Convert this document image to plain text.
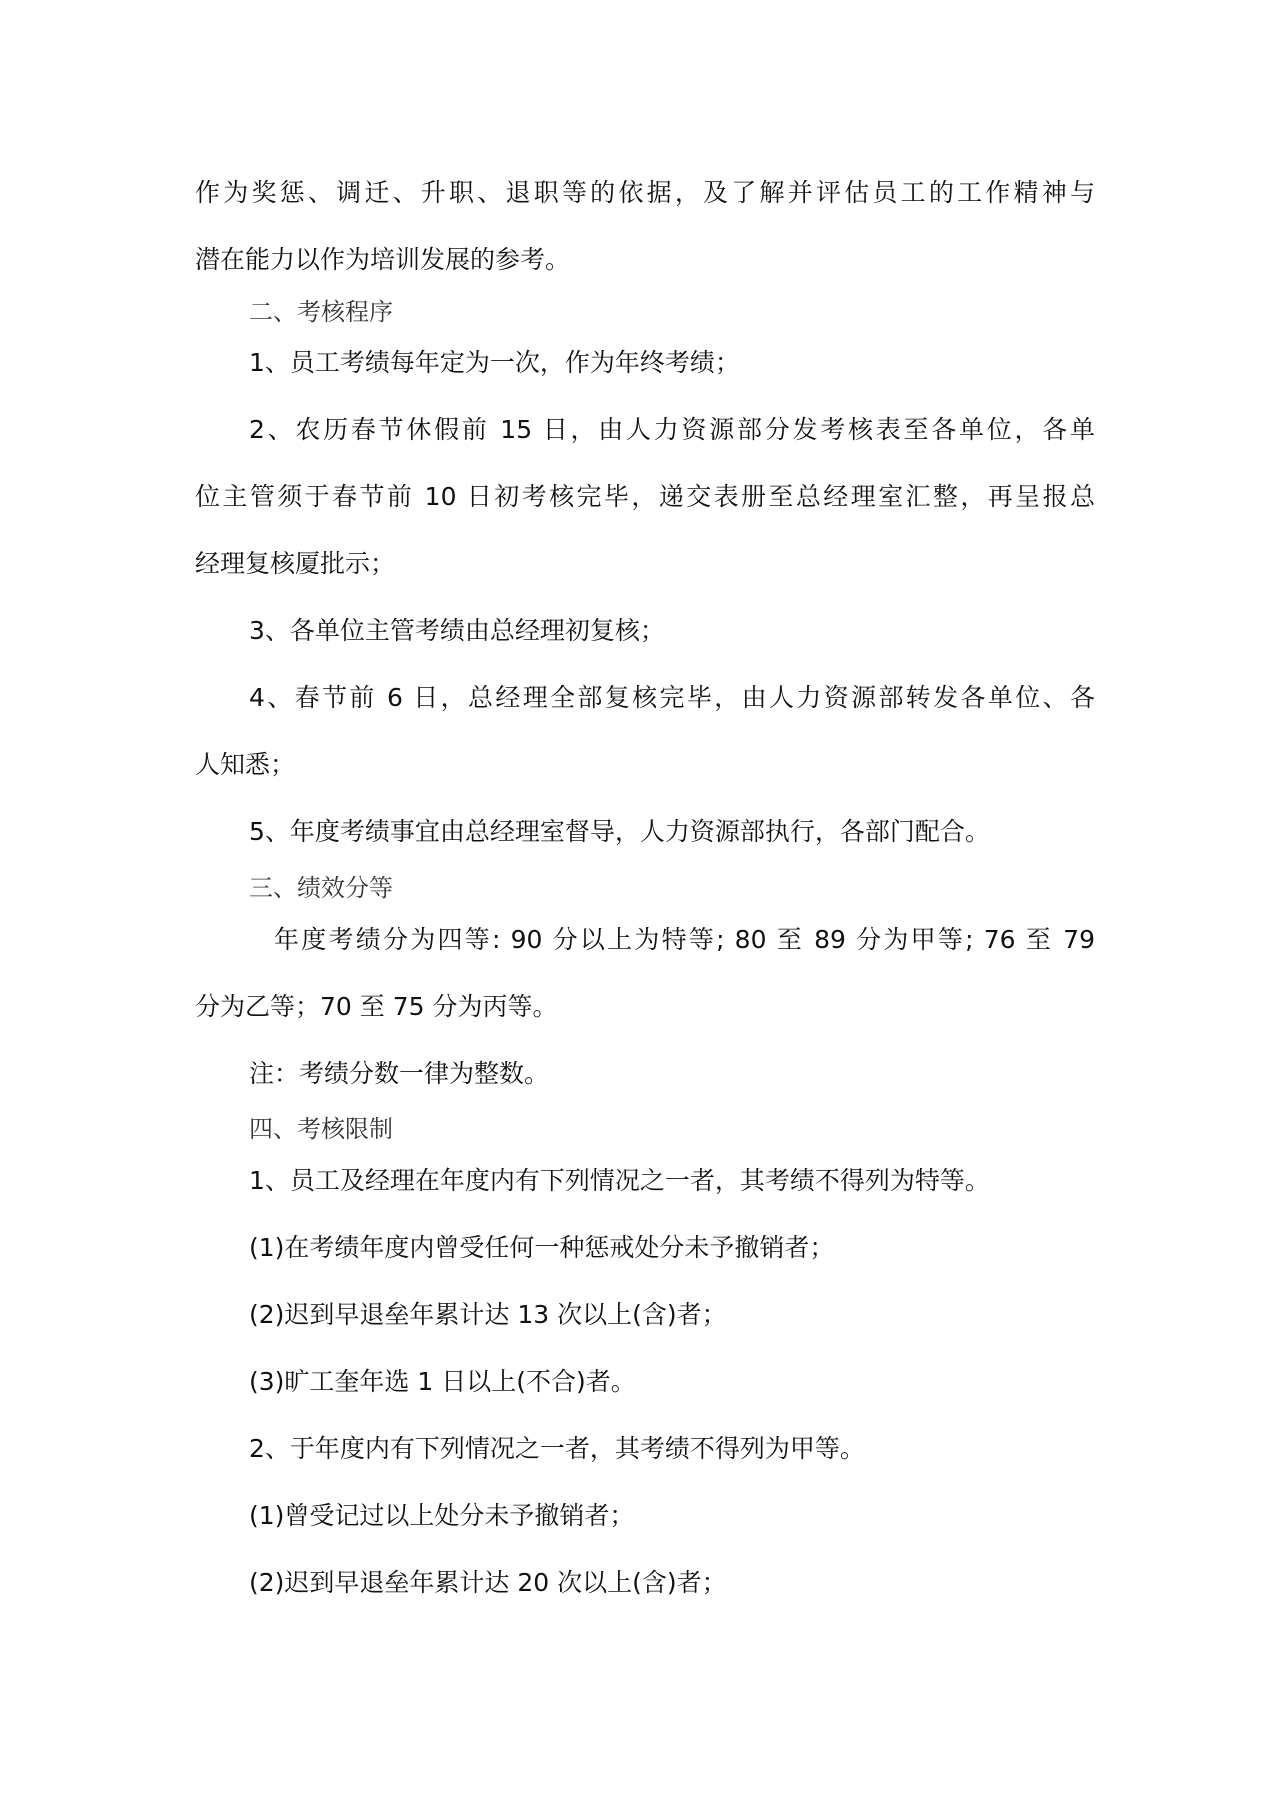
作为奖惩、调迁、升职、退职等的依据，及了解并评估员工的工作精神与
潜在能力以作为培训发展的参考。
二、考核程序
1、员工考绩每年定为一次，作为年终考绩；
2、农历春节休假前 15 日，由人力资源部分发考核表至各单位，各单
位主管须于春节前 10 日初考核完毕，递交表册至总经理室汇整，再呈报总
经理复核厦批示；
3、各单位主管考绩由总经理初复核；
4、春节前 6 日，总经理全部复核完毕，由人力资源部转发各单位、各
人知悉；
5、年度考绩事宜由总经理室督导，人力资源部执行，各部门配合。
三、绩效分等
年度考绩分为四等: 90 分以上为特等; 80 至 89 分为甲等; 76 至 79
分为乙等；70 至 75 分为丙等。
注：考绩分数一律为整数。
四、考核限制
1、员工及经理在年度内有下列情况之一者，其考绩不得列为特等。
(1)在考绩年度内曾受任何一种惩戒处分未予撤销者；
(2)迟到早退垒年累计达 13 次以上(含)者；
(3)旷工奎年选 1 日以上(不合)者。
2、于年度内有下列情况之一者，其考绩不得列为甲等。
(1)曾受记过以上处分未予撤销者；
(2)迟到早退垒年累计达 20 次以上(含)者；
